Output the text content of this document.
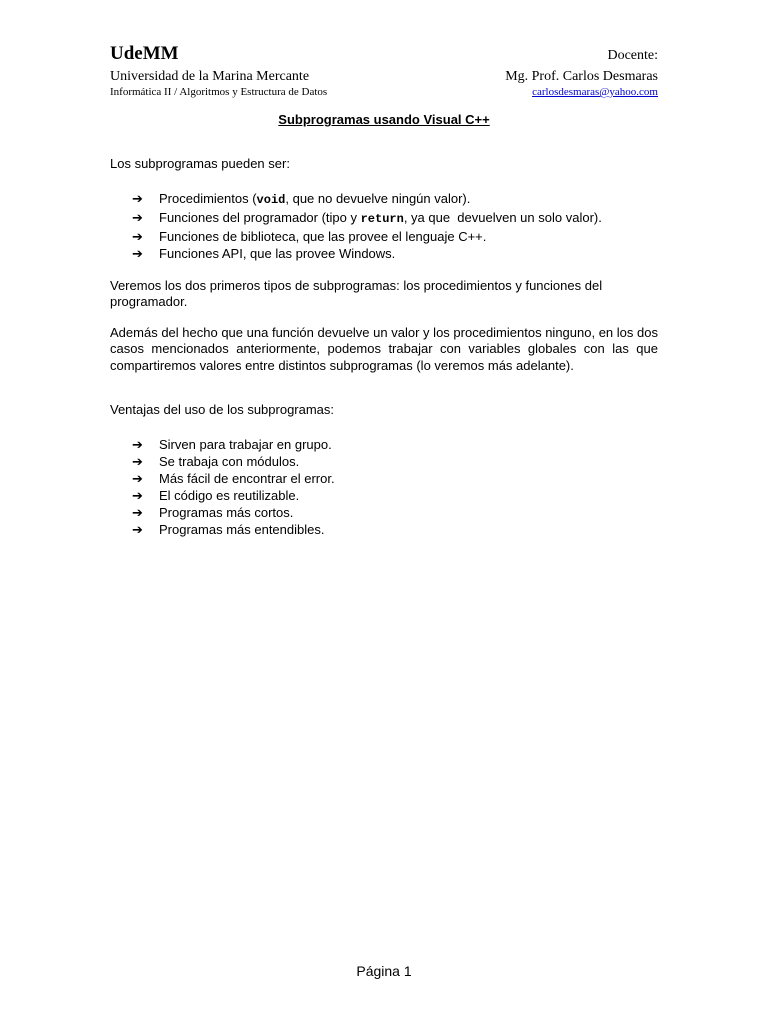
UdeMM	Docente:
Universidad de la Marina Mercante	Mg. Prof. Carlos Desmaras
Informática II / Algoritmos y Estructura de Datos	carlosdesmaras@yahoo.com
Subprogramas usando Visual C++

Los subprogramas pueden ser:

➔	Procedimientos (void, que no devuelve ningún valor).
➔	Funciones del programador (tipo y return, ya que  devuelven un solo valor).
➔	Funciones de biblioteca, que las provee el lenguaje C++.
➔	Funciones API, que las provee Windows.

Veremos los dos primeros tipos de subprogramas: los procedimientos y funciones del programador.

Además del hecho que una función devuelve un valor y los procedimientos ninguno, en los dos casos mencionados anteriormente, podemos trabajar con variables globales con las que compartiremos valores entre distintos subprogramas (lo veremos más adelante).

Ventajas del uso de los subprogramas:

➔	Sirven para trabajar en grupo.
➔	Se trabaja con módulos.
➔	Más fácil de encontrar el error.
➔	El código es reutilizable.
➔	Programas más cortos.
➔	Programas más entendibles.
Página 1
